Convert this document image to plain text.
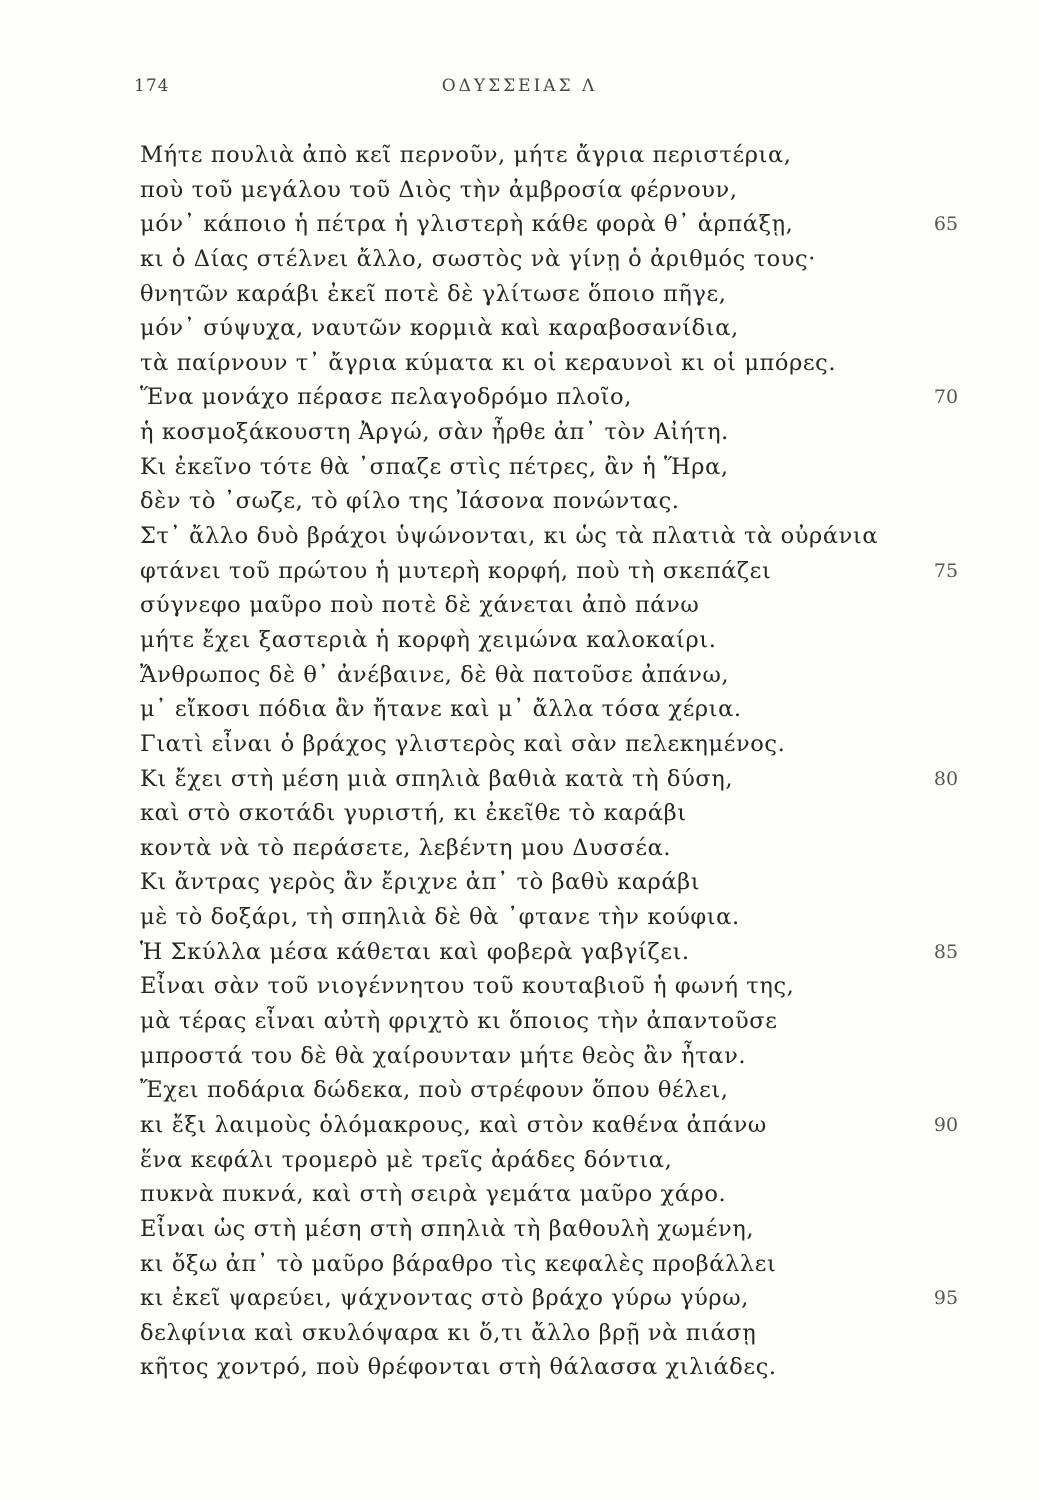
174	ΟΔΥΣΣΕΙΑΣ Λ
Μήτε πουλιὰ ἀπὸ κεῖ περνοῦν, μήτε ἄγρια περιστέρια,
ποὺ τοῦ μεγάλου τοῦ Διὸς τὴν ἀμβροσία φέρνουν,
μόν᾽ κάποιο ἡ πέτρα ἡ γλιστερὴ κάθε φορὰ θ᾽ ἁρπάξῃ,	65
κι ὁ Δίας στέλνει ἄλλο, σωστὸς νὰ γίνῃ ὁ ἀριθμός τους·
θνητῶν καράβι ἐκεῖ ποτὲ δὲ γλίτωσε ὅποιο πῆγε,
μόν᾽ σύψυχα, ναυτῶν κορμιὰ καὶ καραβοσανίδια,
τὰ παίρνουν τ᾽ ἄγρια κύματα κι οἱ κεραυνοὶ κι οἱ μπόρες.
Ἕνα μονάχο πέρασε πελαγοδρόμο πλοῖο,	70
ἡ κοσμοξάκουστη Ἀργώ, σὰν ἦρθε ἀπ᾽ τὸν Αἰήτη.
Κι ἐκεῖνο τότε θὰ ᾽σπαζε στὶς πέτρες, ἂν ἡ Ἥρα,
δὲν τὸ ᾽σωζε, τὸ φίλο της Ἰάσονα πονώντας.
Στ᾽ ἄλλο δυὸ βράχοι ὑψώνονται, κι ὡς τὰ πλατιὰ τὰ οὐράνια
φτάνει τοῦ πρώτου ἡ μυτερὴ κορφή, ποὺ τὴ σκεπάζει	75
σύγνεφο μαῦρο ποὺ ποτὲ δὲ χάνεται ἀπὸ πάνω
μήτε ἔχει ξαστεριὰ ἡ κορφὴ χειμώνα καλοκαίρι.
Ἄνθρωπος δὲ θ᾽ ἀνέβαινε, δὲ θὰ πατοῦσε ἀπάνω,
μ᾽ εἴκοσι πόδια ἂν ἤτανε καὶ μ᾽ ἄλλα τόσα χέρια.
Γιατὶ εἶναι ὁ βράχος γλιστερὸς καὶ σὰν πελεκημένος.
Κι ἔχει στὴ μέση μιὰ σπηλιὰ βαθιὰ κατὰ τὴ δύση,	80
καὶ στὸ σκοτάδι γυριστή, κι ἐκεῖθε τὸ καράβι
κοντὰ νὰ τὸ περάσετε, λεβέντη μου Δυσσέα.
Κι ἄντρας γερὸς ἂν ἔριχνε ἀπ᾽ τὸ βαθὺ καράβι
μὲ τὸ δοξάρι, τὴ σπηλιὰ δὲ θὰ ᾽φτανε τὴν κούφια.
Ἡ Σκύλλα μέσα κάθεται καὶ φοβερὰ γαβγίζει.	85
Εἶναι σὰν τοῦ νιογέννητου τοῦ κουταβιοῦ ἡ φωνή της,
μὰ τέρας εἶναι αὐτὴ φριχτὸ κι ὅποιος τὴν ἀπαντοῦσε
μπροστά του δὲ θὰ χαίρουνταν μήτε θεὸς ἂν ἦταν.
Ἔχει ποδάρια δώδεκα, ποὺ στρέφουν ὅπου θέλει,
κι ἔξι λαιμοὺς ὁλόμακρους, καὶ στὸν καθένα ἀπάνω	90
ἕνα κεφάλι τρομερὸ μὲ τρεῖς ἀράδες δόντια,
πυκνὰ πυκνά, καὶ στὴ σειρὰ γεμάτα μαῦρο χάρο.
Εἶναι ὡς στὴ μέση στὴ σπηλιὰ τὴ βαθουλὴ χωμένη,
κι ὄξω ἀπ᾽ τὸ μαῦρο βάραθρο τὶς κεφαλὲς προβάλλει
κι ἐκεῖ ψαρεύει, ψάχνοντας στὸ βράχο γύρω γύρω,	95
δελφίνια καὶ σκυλόψαρα κι ὅ,τι ἄλλο βρῇ νὰ πιάσῃ
κῆτος χοντρό, ποὺ θρέφονται στὴ θάλασσα χιλιάδες.
